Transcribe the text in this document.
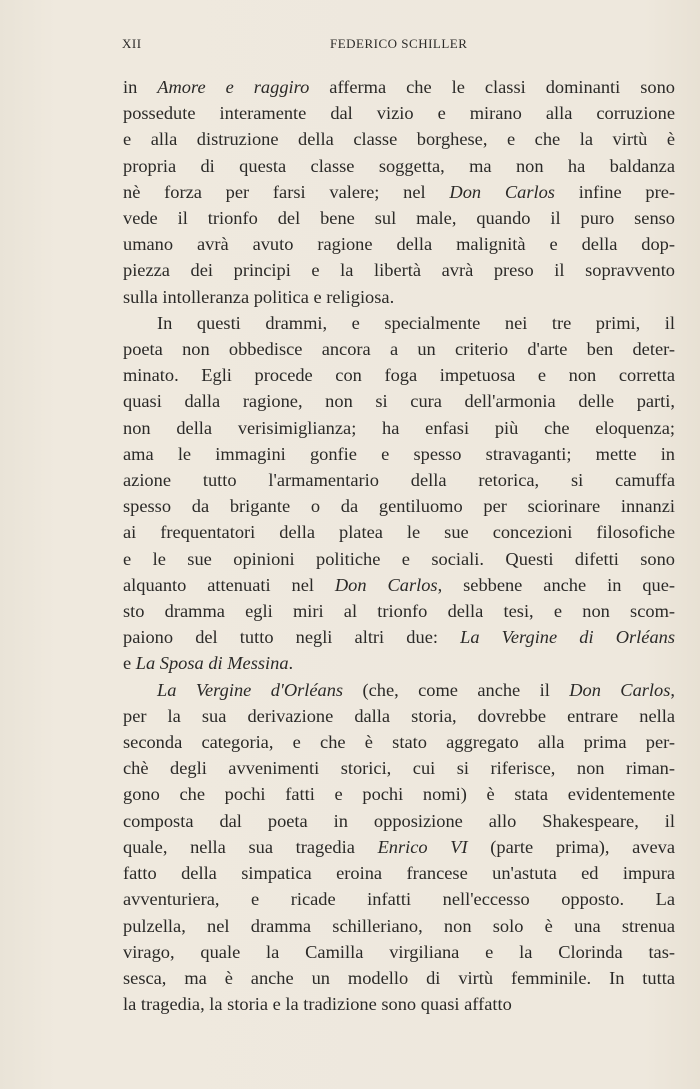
XII	FEDERICO SCHILLER
in Amore e raggiro afferma che le classi dominanti sono
possedute interamente dal vizio e mirano alla corruzione
e alla distruzione della classe borghese, e che la virtù è
propria di questa classe soggetta, ma non ha baldanza
nè forza per farsi valere; nel Don Carlos infine pre-
vede il trionfo del bene sul male, quando il puro senso
umano avrà avuto ragione della malignità e della dop-
piezza dei principi e la libertà avrà preso il sopravvento
sulla intolleranza politica e religiosa.
In questi drammi, e specialmente nei tre primi, il
poeta non obbedisce ancora a un criterio d'arte ben deter-
minato. Egli procede con foga impetuosa e non corretta
quasi dalla ragione, non si cura dell'armonia delle parti,
non della verisimiglianza; ha enfasi più che eloquenza;
ama le immagini gonfie e spesso stravaganti; mette in
azione tutto l'armamentario della retorica, si camuffa
spesso da brigante o da gentiluomo per sciorinare innanzi
ai frequentatori della platea le sue concezioni filosofiche
e le sue opinioni politiche e sociali. Questi difetti sono
alquanto attenuati nel Don Carlos, sebbene anche in que-
sto dramma egli miri al trionfo della tesi, e non scom-
paiono del tutto negli altri due: La Vergine di Orléans
e La Sposa di Messina.
La Vergine d'Orléans (che, come anche il Don Carlos,
per la sua derivazione dalla storia, dovrebbe entrare nella
seconda categoria, e che è stato aggregato alla prima per-
chè degli avvenimenti storici, cui si riferisce, non riman-
gono che pochi fatti e pochi nomi) è stata evidentemente
composta dal poeta in opposizione allo Shakespeare, il
quale, nella sua tragedia Enrico VI (parte prima), aveva
fatto della simpatica eroina francese un'astuta ed impura
avventuriera, e ricade infatti nell'eccesso opposto. La
pulzella, nel dramma schilleriano, non solo è una strenua
virago, quale la Camilla virgiliana e la Clorinda tas-
sesca, ma è anche un modello di virtù femminile. In tutta
la tragedia, la storia e la tradizione sono quasi affatto
